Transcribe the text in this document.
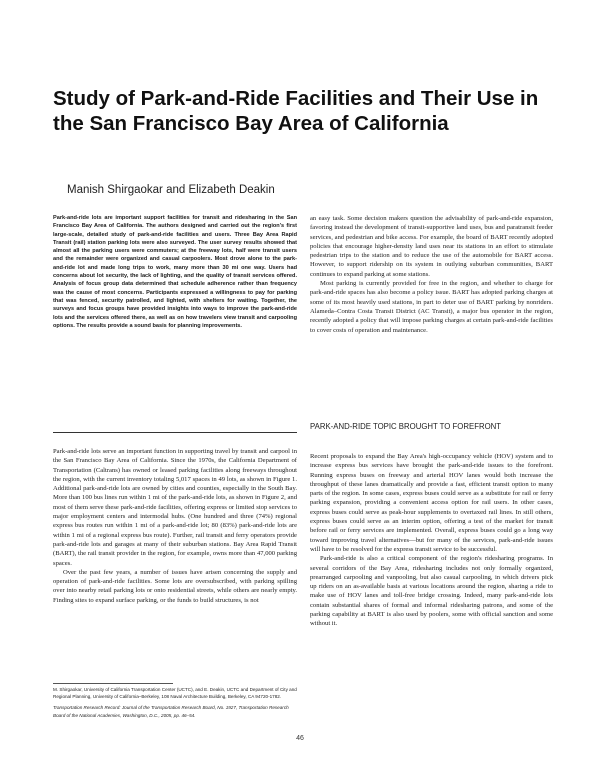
Study of Park-and-Ride Facilities and Their Use in the San Francisco Bay Area of California
Manish Shirgaokar and Elizabeth Deakin

Park-and-ride lots are important support facilities for transit and ridesharing in the San Francisco Bay Area of California. The authors designed and carried out the region's first large-scale, detailed study of park-and-ride facilities and users. Three Bay Area Rapid Transit (rail) station parking lots were also surveyed. The user survey results showed that almost all the parking users were commuters; at the freeway lots, half were transit users and the remainder were organized and casual carpoolers. Most drove alone to the park-and-ride lot and made long trips to work, many more than 30 mi one way. Users had concerns about lot security, the lack of lighting, and the quality of transit services offered. Analysis of focus group data determined that schedule adherence rather than frequency was the cause of most concerns. Participants expressed a willingness to pay for parking that was fenced, security patrolled, and lighted, with shelters for waiting. Together, the surveys and focus groups have provided insights into ways to improve the park-and-ride lots and the services offered there, as well as on how travelers view transit and carpooling options. The results provide a sound basis for planning improvements.

Park-and-ride lots serve an important function in supporting travel by transit and carpool in the San Francisco Bay Area of California. Since the 1970s, the California Department of Transportation (Caltrans) has owned or leased parking facilities along freeways throughout the region, with the current inventory totaling 5,017 spaces in 49 lots, as shown in Figure 1. Additional park-and-ride lots are owned by cities and counties, especially in the South Bay. More than 100 bus lines run within 1 mi of the park-and-ride lots, as shown in Figure 2, and most of them serve these park-and-ride facilities, offering express or limited stop services to major employment centers and intermodal hubs. (One hundred and three (74%) regional express bus routes run within 1 mi of a park-and-ride lot; 80 (83%) park-and-ride lots are within 1 mi of a regional express bus route). Further, rail transit and ferry operators provide park-and-ride lots and garages at many of their suburban stations. Bay Area Rapid Transit (BART), the rail transit provider in the region, for example, owns more than 47,000 parking spaces.

Over the past few years, a number of issues have arisen concerning the supply and operation of park-and-ride facilities. Some lots are oversubscribed, with parking spilling over into nearby retail parking lots or onto residential streets, while others are nearly empty. Finding sites to expand surface parking, or the funds to build structures, is not

an easy task. Some decision makers question the advisability of park-and-ride expansion, favoring instead the development of transit-supportive land uses, bus and paratransit feeder services, and pedestrian and bike access. For example, the board of BART recently adopted policies that encourage higher-density land uses near its stations in an effort to stimulate pedestrian trips to the station and to reduce the use of the automobile for BART access. However, to support ridership on its system in outlying suburban communities, BART continues to expand parking at some stations.

Most parking is currently provided for free in the region, and whether to charge for park-and-ride spaces has also become a policy issue. BART has adopted parking charges at some of its most heavily used stations, in part to deter use of BART parking by nonriders. Alameda–Contra Costa Transit District (AC Transit), a major bus operator in the region, recently adopted a policy that will impose parking charges at certain park-and-ride facilities to cover costs of operation and maintenance.

PARK-AND-RIDE TOPIC BROUGHT TO FOREFRONT

Recent proposals to expand the Bay Area's high-occupancy vehicle (HOV) system and to increase express bus services have brought the park-and-ride issues to the forefront. Running express buses on freeway and arterial HOV lanes would both increase the throughput of these lanes dramatically and provide a fast, efficient transit option to many parts of the region. In some cases, express buses could serve as a substitute for rail or ferry parking expansion, providing a convenient access option for rail users. In other cases, express buses could serve as peak-hour supplements to overtaxed rail lines. In still others, express buses could serve as an interim option, offering a test of the market for transit before rail or ferry services are implemented. Overall, express buses could go a long way toward improving travel alternatives—but for many of the services, park-and-ride issues will have to be resolved for the express transit service to be successful.

Park-and-ride is also a critical component of the region's ridesharing programs. In several corridors of the Bay Area, ridesharing includes not only formally organized, prearranged carpooling and vanpooling, but also casual carpooling, in which drivers pick up riders on an as-available basis at various locations around the region, sharing a ride to make use of HOV lanes and toll-free bridge crossing. Indeed, many park-and-ride lots contain substantial shares of formal and informal ridesharing patrons, and some of the parking capability at BART is also used by poolers, some with official sanction and some without it.

M. Shirgaokar, University of California Transportation Center (UCTC), and E. Deakin, UCTC and Department of City and Regional Planning, University of California–Berkeley, 108 Naval Architecture Building, Berkeley, CA 94720-1782.

Transportation Research Record: Journal of the Transportation Research Board, No. 1927, Transportation Research Board of the National Academies, Washington, D.C., 2005, pp. 46–54.

46
